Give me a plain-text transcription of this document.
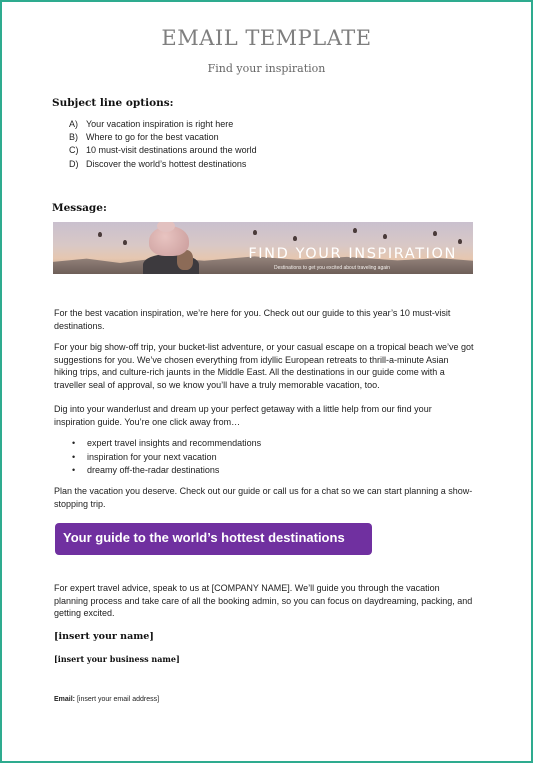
EMAIL TEMPLATE
Find your inspiration
Subject line options:
A) Your vacation inspiration is right here
B) Where to go for the best vacation
C) 10 must-visit destinations around the world
D) Discover the world’s hottest destinations
Message:
FIND YOUR INSPIRATION
Destinations to get you excited about traveling again

For the best vacation inspiration, we’re here for you. Check out our guide to this year’s 10 must-visit destinations.

For your big show-off trip, your bucket-list adventure, or your casual escape on a tropical beach we’ve got suggestions for you. We’ve chosen everything from idyllic European retreats to thrill-a-minute Asian hiking trips, and culture-rich jaunts in the Middle East. All the destinations in our guide come with a traveller seal of approval, so we know you’ll have a truly memorable vacation, too.

Dig into your wanderlust and dream up your perfect getaway with a little help from our find your inspiration guide. You’re one click away from…

• expert travel insights and recommendations
• inspiration for your next vacation
• dreamy off-the-radar destinations

Plan the vacation you deserve. Check out our guide or call us for a chat so we can start planning a show-stopping trip.

Your guide to the world’s hottest destinations

For expert travel advice, speak to us at [COMPANY NAME]. We’ll guide you through the vacation planning process and take care of all the booking admin, so you can focus on daydreaming, packing, and getting excited.

[insert your name]
[insert your business name]
Email: [insert your email address]
